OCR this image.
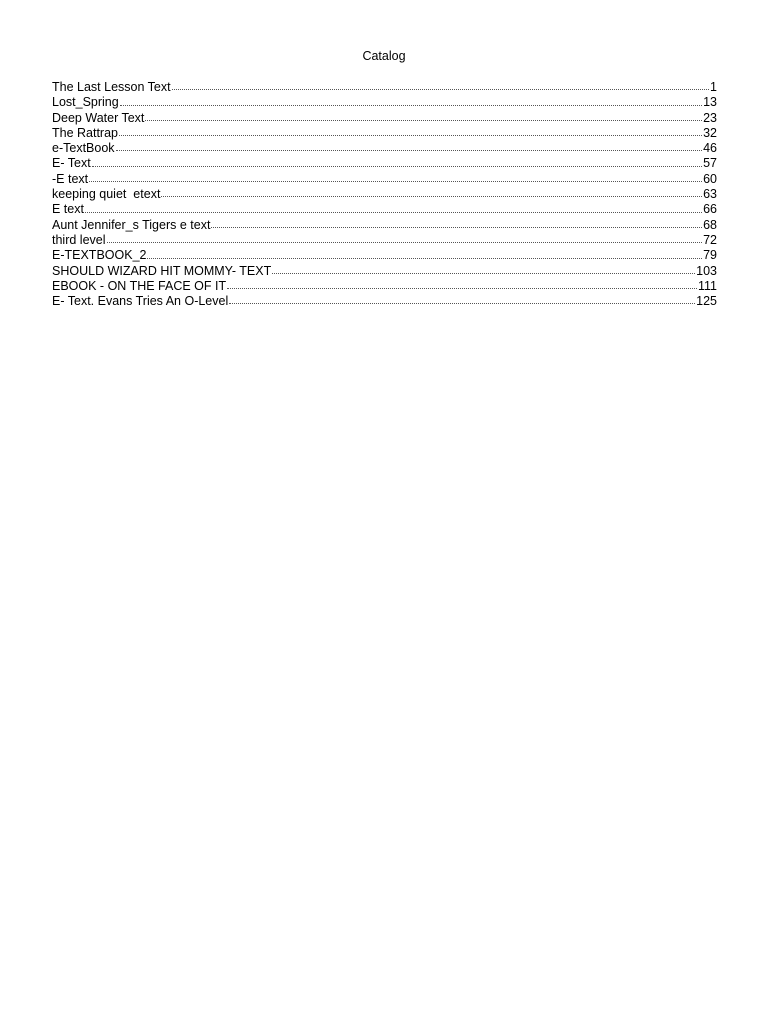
Catalog
The Last Lesson Text	1
Lost_Spring	13
Deep Water Text	23
The Rattrap	32
e-TextBook	46
E- Text	57
-E text	60
keeping quiet  etext	63
E text	66
Aunt Jennifer_s Tigers e text	68
third level	72
E-TEXTBOOK_2	79
SHOULD WIZARD HIT MOMMY- TEXT	103
EBOOK - ON THE FACE OF IT	111
E- Text. Evans Tries An O-Level	125
